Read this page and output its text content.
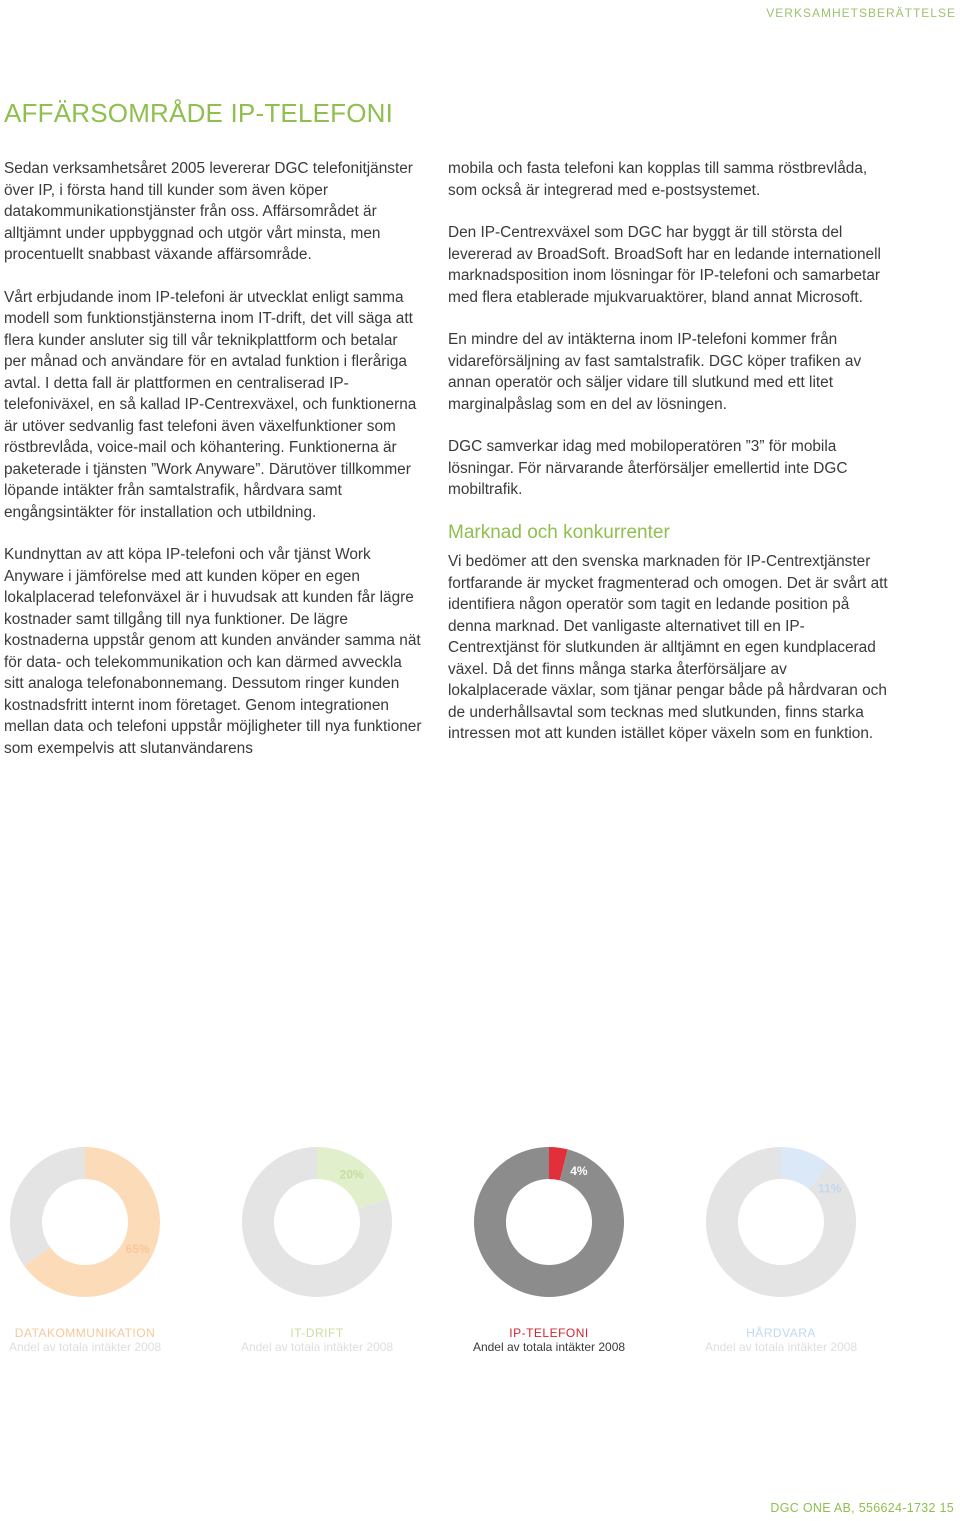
VERKSAMHETSBERÄTTELSE
AFFÄRSOMRÅDE IP-TELEFONI

Sedan verksamhetsåret 2005 levererar DGC telefonitjänster över IP, i första hand till kunder som även köper datakommunikationstjänster från oss. Affärsområdet är alltjämnt under uppbyggnad och utgör vårt minsta, men procentuellt snabbast växande affärsområde.

Vårt erbjudande inom IP-telefoni är utvecklat enligt samma modell som funktionstjänsterna inom IT-drift, det vill säga att flera kunder ansluter sig till vår teknikplattform och betalar per månad och användare för en avtalad funktion i fleråriga avtal. I detta fall är plattformen en centraliserad IP-telefoniväxel, en så kallad IP-Centrexväxel, och funktionerna är utöver sedvanlig fast telefoni även växelfunktioner som röstbrevlåda, voice-mail och köhantering. Funktionerna är paketerade i tjänsten ”Work Anyware”. Därutöver tillkommer löpande intäkter från samtalstrafik, hårdvara samt engångsintäkter för installation och utbildning.

Kundnyttan av att köpa IP-telefoni och vår tjänst Work Anyware i jämförelse med att kunden köper en egen lokalplacerad telefonväxel är i huvudsak att kunden får lägre kostnader samt tillgång till nya funktioner. De lägre kostnaderna uppstår genom att kunden använder samma nät för data- och telekommunikation och kan därmed avveckla sitt analoga telefonabonnemang. Dessutom ringer kunden kostnadsfritt internt inom företaget. Genom integrationen mellan data och telefoni uppstår möjligheter till nya funktioner som exempelvis att slutanvändarens

mobila och fasta telefoni kan kopplas till samma röstbrevlåda, som också är integrerad med e-postsystemet.

Den IP-Centrexväxel som DGC har byggt är till största del levererad av BroadSoft. BroadSoft har en ledande internationell marknadsposition inom lösningar för IP-telefoni och samarbetar med flera etablerade mjukvaruaktörer, bland annat Microsoft.

En mindre del av intäkterna inom IP-telefoni kommer från vidareförsäljning av fast samtalstrafik. DGC köper trafiken av annan operatör och säljer vidare till slutkund med ett litet marginalpåslag som en del av lösningen.

DGC samverkar idag med mobiloperatören ”3” för mobila lösningar. För närvarande återförsäljer emellertid inte DGC mobiltrafik.

Marknad och konkurrenter

Vi bedömer att den svenska marknaden för IP-Centrextjänster fortfarande är mycket fragmenterad och omogen. Det är svårt att identifiera någon operatör som tagit en ledande position på denna marknad. Det vanligaste alternativet till en IP-Centrextjänst för slutkunden är alltjämnt en egen kundplacerad växel. Då det finns många starka återförsäljare av lokalplacerade växlar, som tjänar pengar både på hårdvaran och de underhållsavtal som tecknas med slutkunden, finns starka intressen mot att kunden istället köper växeln som en funktion.

65%
DATAKOMMUNIKATION
Andel av totala intäkter 2008
20%
IT-DRIFT
Andel av totala intäkter 2008
4%
IP-TELEFONI
Andel av totala intäkter 2008
11%
HÅRDVARA
Andel av totala intäkter 2008
DGC ONE AB, 556624-1732 15
